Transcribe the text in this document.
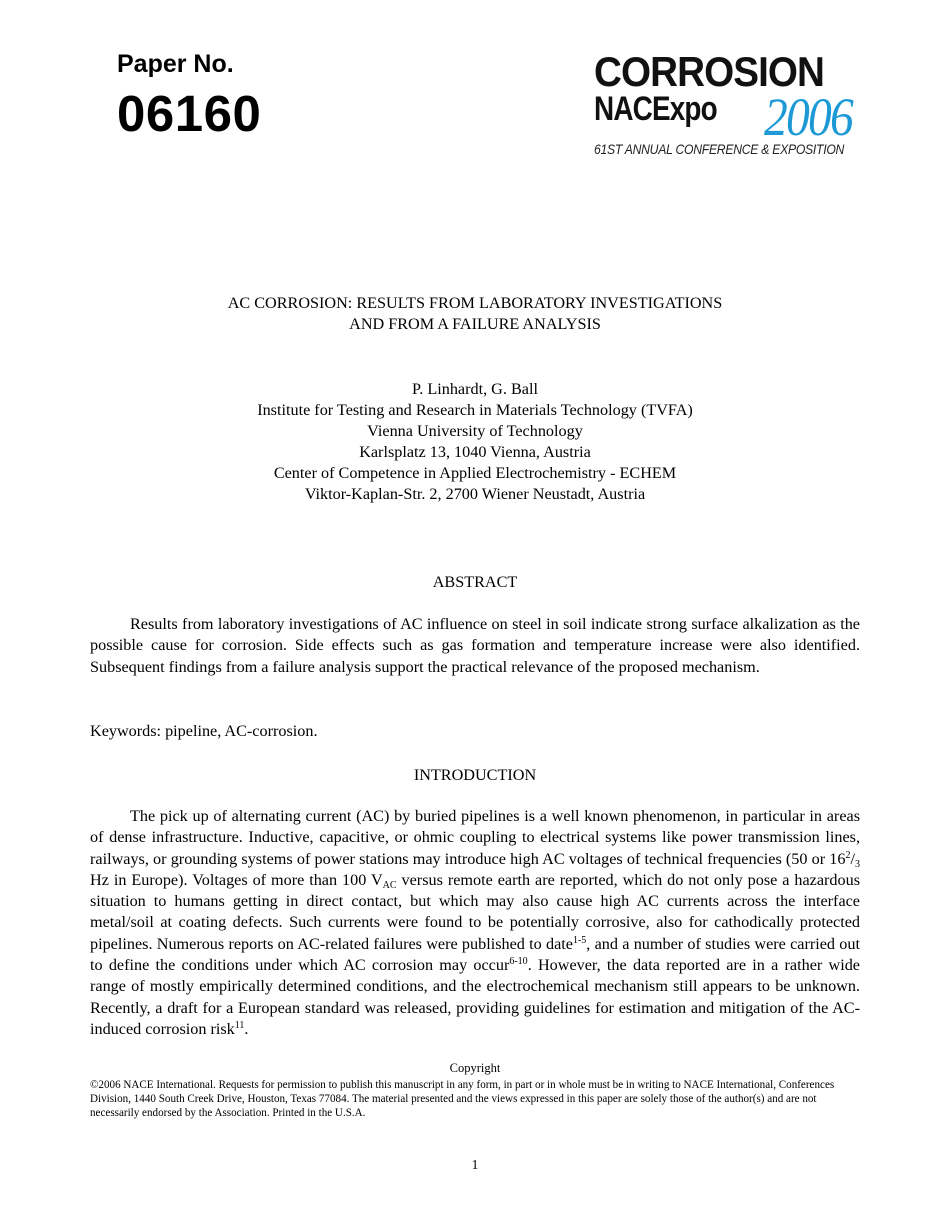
Paper No.
06160
CORROSION
NACExpo 2006
61ST ANNUAL CONFERENCE & EXPOSITION
AC CORROSION: RESULTS FROM LABORATORY INVESTIGATIONS
AND FROM A FAILURE ANALYSIS
P. Linhardt, G. Ball
Institute for Testing and Research in Materials Technology (TVFA)
Vienna University of Technology
Karlsplatz 13, 1040 Vienna, Austria
Center of Competence in Applied Electrochemistry - ECHEM
Viktor-Kaplan-Str. 2, 2700 Wiener Neustadt, Austria
ABSTRACT
Results from laboratory investigations of AC influence on steel in soil indicate strong surface alkalization as the possible cause for corrosion. Side effects such as gas formation and temperature increase were also identified. Subsequent findings from a failure analysis support the practical relevance of the proposed mechanism.
Keywords: pipeline, AC-corrosion.
INTRODUCTION
The pick up of alternating current (AC) by buried pipelines is a well known phenomenon, in particular in areas of dense infrastructure. Inductive, capacitive, or ohmic coupling to electrical systems like power transmission lines, railways, or grounding systems of power stations may introduce high AC voltages of technical frequencies (50 or $16^2/_3$ Hz in Europe). Voltages of more than 100 $V_{AC}$ versus remote earth are reported, which do not only pose a hazardous situation to humans getting in direct contact, but which may also cause high AC currents across the interface metal/soil at coating defects. Such currents were found to be potentially corrosive, also for cathodically protected pipelines. Numerous reports on AC-related failures were published to date$^{1-5}$, and a number of studies were carried out to define the conditions under which AC corrosion may occur$^{6-10}$. However, the data reported are in a rather wide range of mostly empirically determined conditions, and the electrochemical mechanism still appears to be unknown. Recently, a draft for a European standard was released, providing guidelines for estimation and mitigation of the AC-induced corrosion risk$^{11}$.
Copyright
©2006 NACE International. Requests for permission to publish this manuscript in any form, in part or in whole must be in writing to NACE International, Conferences Division, 1440 South Creek Drive, Houston, Texas 77084. The material presented and the views expressed in this paper are solely those of the author(s) and are not necessarily endorsed by the Association. Printed in the U.S.A.
1
